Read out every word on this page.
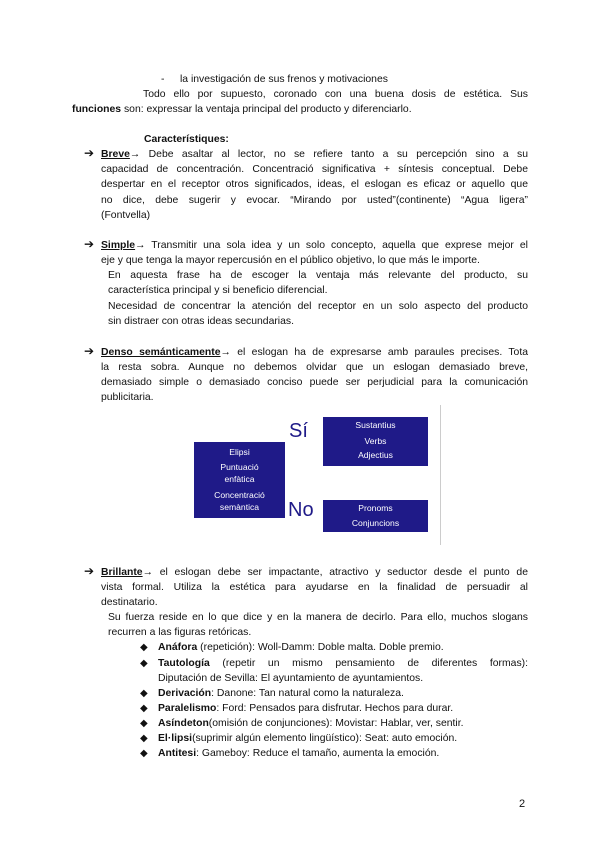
- la investigación de sus frenos y motivaciones
Todo ello por supuesto, coronado con una buena dosis de estética. Sus
funciones son: expressar la ventaja principal del producto y diferenciarlo.
Característiques:
➔ Breve→ Debe asaltar al lector, no se refiere tanto a su percepción sino a su
capacidad de concentración. Concentració significativa + síntesis conceptual. Debe
despertar en el receptor otros significados, ideas, el eslogan es eficaz or aquello que
no dice, debe sugerir y evocar. “Mirando por usted”(continente) “Agua ligera”
(Fontvella)
➔ Simple→ Transmitir una sola idea y un solo concepto, aquella que exprese mejor el
eje y que tenga la mayor repercusión en el público objetivo, lo que más le importe.
En aquesta frase ha de escoger la ventaja más relevante del producto, su
característica principal y si beneficio diferencial.
Necesidad de concentrar la atención del receptor en un solo aspecto del producto
sin distraer con otras ideas secundarias.
➔ Denso semánticamente→ el eslogan ha de expresarse amb paraules precises. Tota
la resta sobra. Aunque no debemos olvidar que un eslogan demasiado breve,
demasiado simple o demasiado conciso puede ser perjudicial para la comunicación
publicitaria.
Sí
No
Elipsi
Puntuació
enfàtica
Concentració
semàntica
Sustantius
Verbs
Adjectius
Pronoms
Conjuncions
➔ Brillante→ el eslogan debe ser impactante, atractivo y seductor desde el punto de
vista formal. Utiliza la estética para ayudarse en la finalidad de persuadir al
destinatario.
Su fuerza reside en lo que dice y en la manera de decirlo. Para ello, muchos slogans
recurren a las figuras retóricas.
◆ Anáfora (repetición): Woll-Damm: Doble malta. Doble premio.
◆ Tautología (repetir un mismo pensamiento de diferentes formas):
Diputación de Sevilla: El ayuntamiento de ayuntamientos.
◆ Derivación: Danone: Tan natural como la naturaleza.
◆ Paralelismo: Ford: Pensados para disfrutar. Hechos para durar.
◆ Asíndeton(omisión de conjunciones): Movistar: Hablar, ver, sentir.
◆ El·lipsi(suprimir algún elemento lingüístico): Seat: auto emoción.
◆ Antitesi: Gameboy: Reduce el tamaño, aumenta la emoción.
2
